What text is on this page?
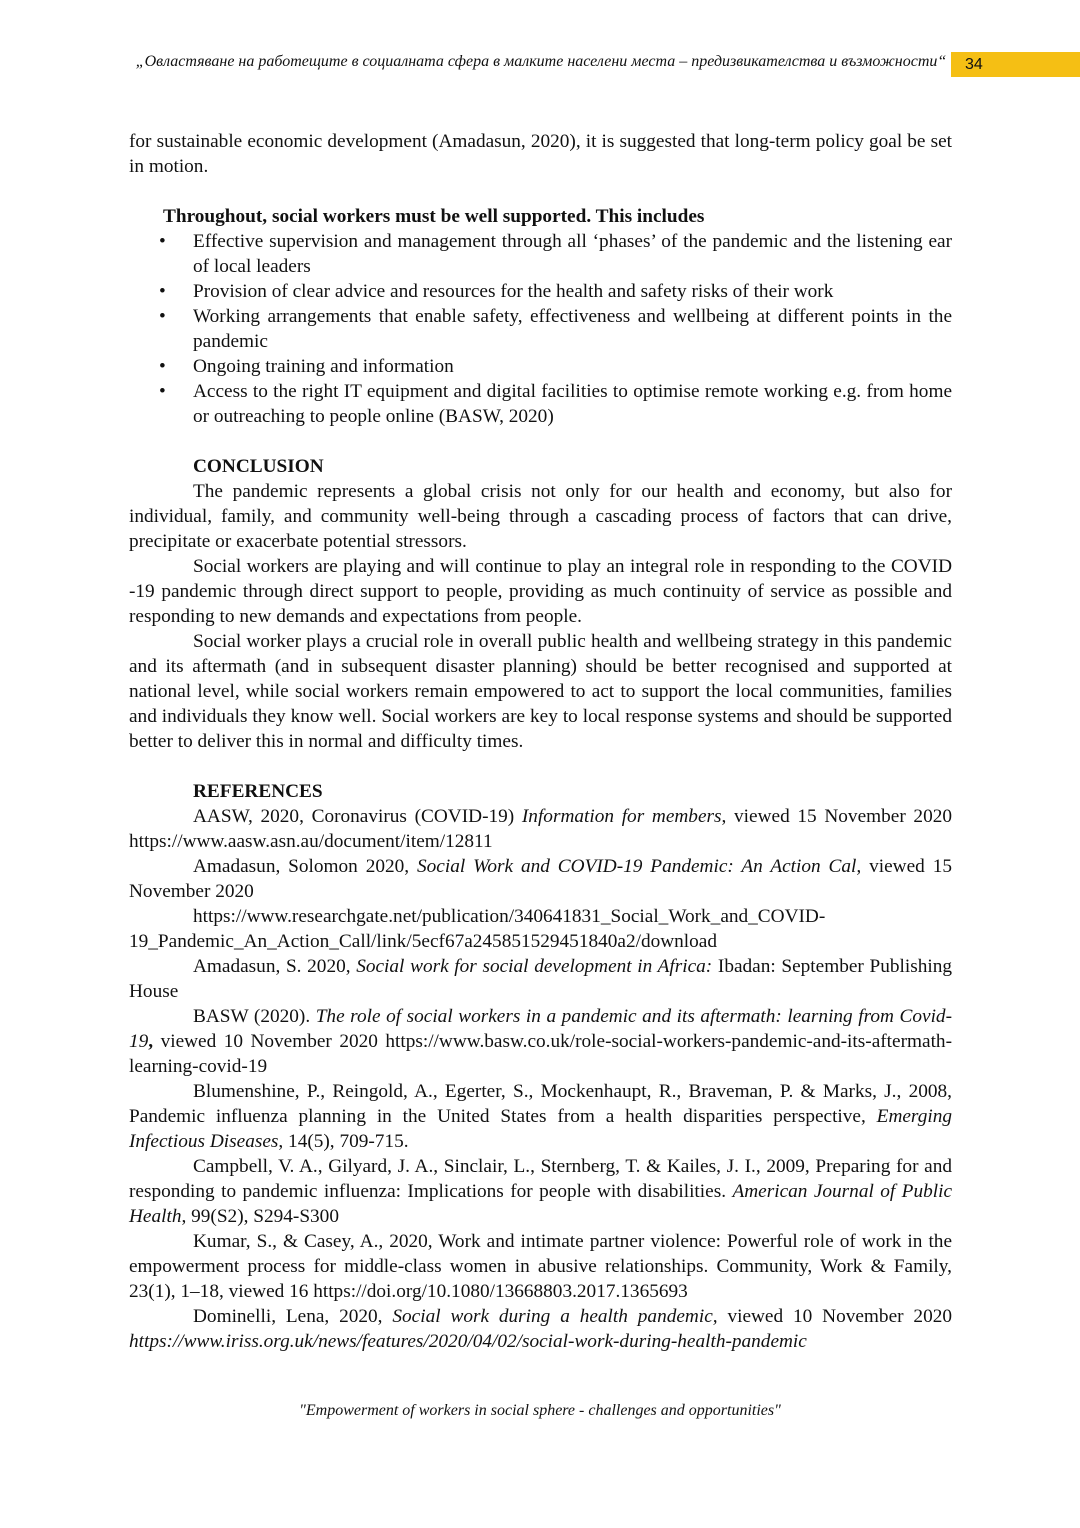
„Овластяване на работещите в социалната сфера в малките населени места – предизвикателства и възможности“	34

for sustainable economic development (Amadasun, 2020), it is suggested that long-term policy goal be set in motion.

Throughout, social workers must be well supported. This includes

• Effective supervision and management through all ‘phases’ of the pandemic and the listening ear of local leaders
• Provision of clear advice and resources for the health and safety risks of their work
• Working arrangements that enable safety, effectiveness and wellbeing at different points in the pandemic
• Ongoing training and information
• Access to the right IT equipment and digital facilities to optimise remote working e.g. from home or outreaching to people online (BASW, 2020)

CONCLUSION

The pandemic represents a global crisis not only for our health and economy, but also for individual, family, and community well-being through a cascading process of factors that can drive, precipitate or exacerbate potential stressors.

Social workers are playing and will continue to play an integral role in responding to the COVID -19 pandemic through direct support to people, providing as much continuity of service as possible and responding to new demands and expectations from people.

Social worker plays a crucial role in overall public health and wellbeing strategy in this pandemic and its aftermath (and in subsequent disaster planning) should be better recognised and supported at national level, while social workers remain empowered to act to support the local communities, families and individuals they know well. Social workers are key to local response systems and should be supported better to deliver this in normal and difficulty times.

REFERENCES

AASW, 2020, Coronavirus (COVID-19) Information for members, viewed 15 November 2020 https://www.aasw.asn.au/document/item/12811

Amadasun, Solomon 2020, Social Work and COVID-19 Pandemic: An Action Cal, viewed 15 November 2020

https://www.researchgate.net/publication/340641831_Social_Work_and_COVID-19_Pandemic_An_Action_Call/link/5ecf67a245851529451840a2/download

Amadasun, S. 2020, Social work for social development in Africa: Ibadan: September Publishing House

BASW (2020). The role of social workers in a pandemic and its aftermath: learning from Covid-19, viewed 10 November 2020 https://www.basw.co.uk/role-social-workers-pandemic-and-its-aftermath-learning-covid-19

Blumenshine, P., Reingold, A., Egerter, S., Mockenhaupt, R., Braveman, P. & Marks, J., 2008, Pandemic influenza planning in the United States from a health disparities perspective, Emerging Infectious Diseases, 14(5), 709-715.

Campbell, V. A., Gilyard, J. A., Sinclair, L., Sternberg, T. & Kailes, J. I., 2009, Preparing for and responding to pandemic influenza: Implications for people with disabilities. American Journal of Public Health, 99(S2), S294-S300

Kumar, S., & Casey, A., 2020, Work and intimate partner violence: Powerful role of work in the empowerment process for middle-class women in abusive relationships. Community, Work & Family, 23(1), 1–18, viewed 16 https://doi.org/10.1080/13668803.2017.1365693

Dominelli, Lena, 2020, Social work during a health pandemic, viewed 10 November 2020 https://www.iriss.org.uk/news/features/2020/04/02/social-work-during-health-pandemic

"Empowerment of workers in social sphere - challenges and opportunities"
